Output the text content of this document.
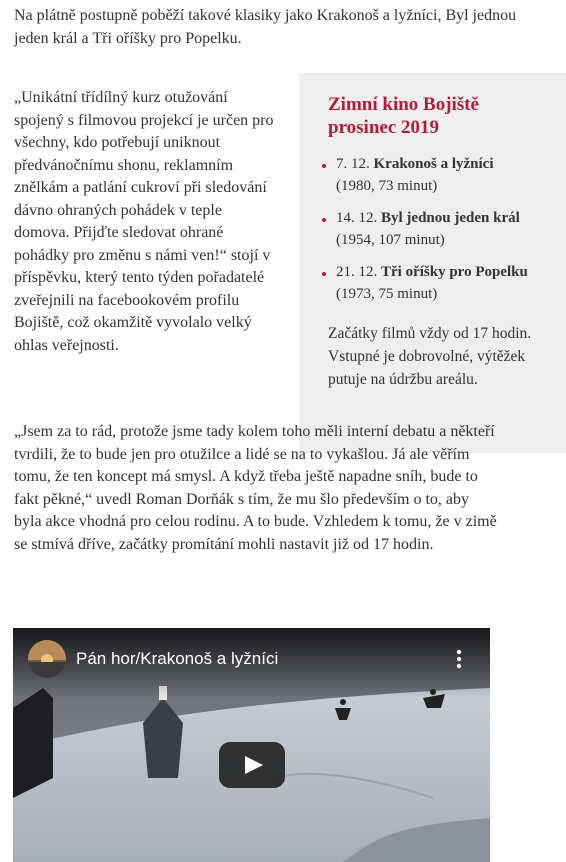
Na plátně postupně poběží takové klasiky jako Krakonoš a lyžníci, Byl jednou jeden král a Tři oříšky pro Popelku.

„Unikátní třídílný kurz otužování spojený s filmovou projekcí je určen pro všechny, kdo potřebují uniknout předvánočnímu shonu, reklamním znělkám a patlání cukroví při sledování dávno ohraných pohádek v teple domova. Přijďte sledovat ohrané pohádky pro změnu s námi ven!“ stojí v příspěvku, který tento týden pořadatelé zveřejnili na facebookovém profilu Bojiště, což okamžitě vyvolalo velký ohlas veřejnosti.

Zimní kino Bojiště prosinec 2019
7. 12. Krakonoš a lyžníci
(1980, 73 minut)
14. 12. Byl jednou jeden král
(1954, 107 minut)
21. 12. Tři oříšky pro Popelku
(1973, 75 minut)

Začátky filmů vždy od 17 hodin. Vstupné je dobrovolné, výtěžek putuje na údržbu areálu.

„Jsem za to rád, protože jsme tady kolem toho měli interní debatu a někteří tvrdili, že to bude jen pro otužilce a lidé se na to vykašlou. Já ale věřím tomu, že ten koncept má smysl. A když třeba ještě napadne sníh, bude to fakt pěkné,“ uvedl Roman Dorňák s tím, že mu šlo především o to, aby byla akce vhodná pro celou rodinu. A to bude. Vzhledem k tomu, že v zimě se stmívá dříve, začátky promítání mohli nastavit již od 17 hodin.

Pán hor/Krakonoš a lyžníci
